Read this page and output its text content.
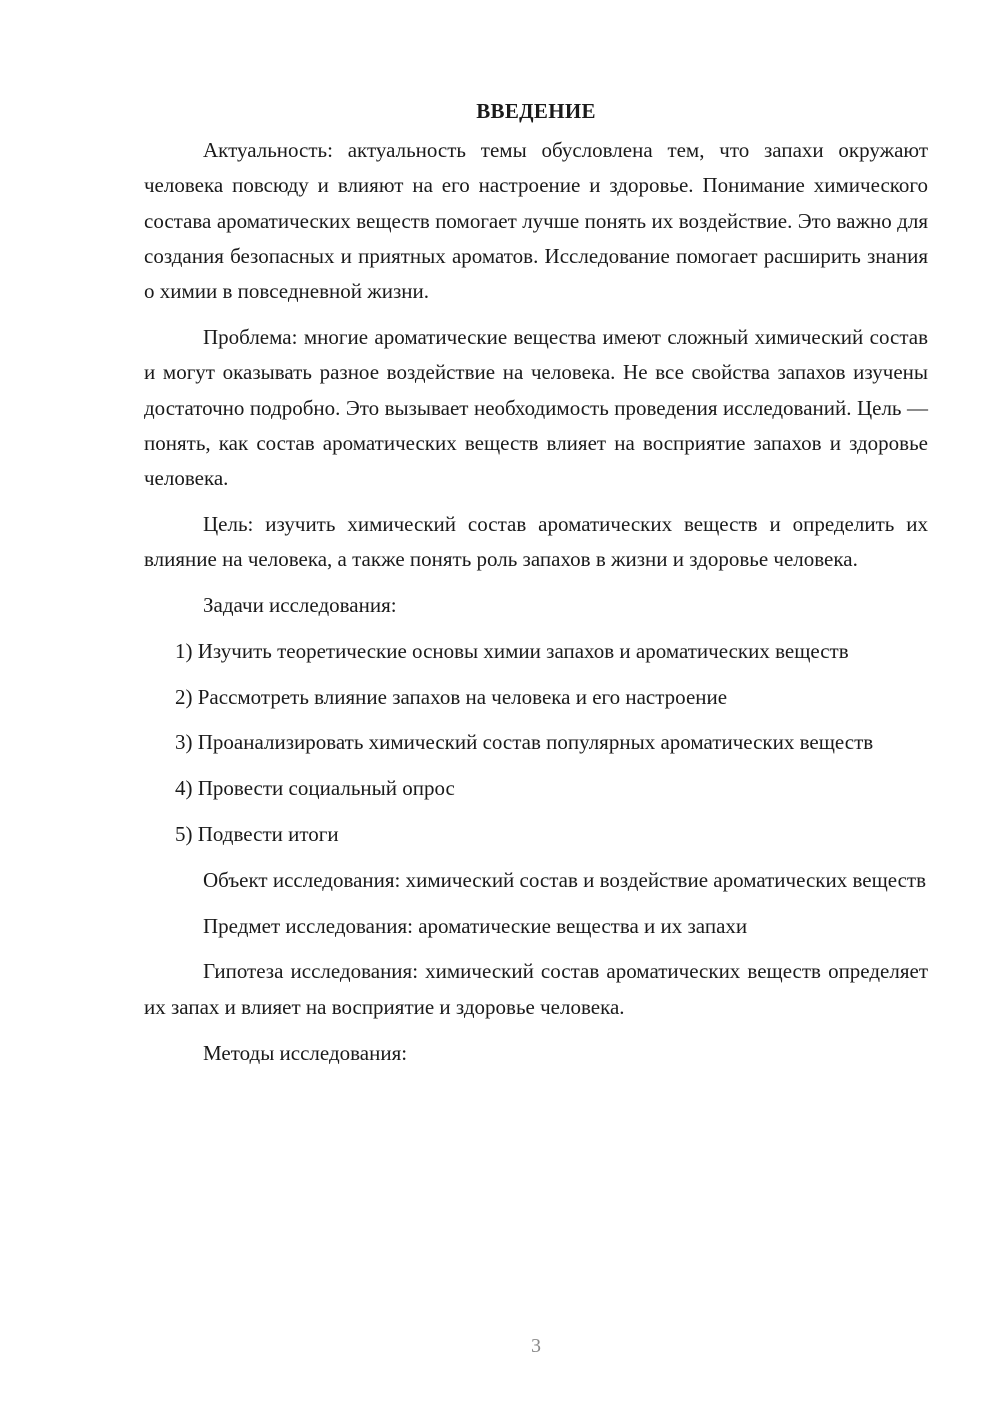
ВВЕДЕНИЕ

Актуальность: актуальность темы обусловлена тем, что запахи окружают человека повсюду и влияют на его настроение и здоровье. Понимание химического состава ароматических веществ помогает лучше понять их воздействие. Это важно для создания безопасных и приятных ароматов. Исследование помогает расширить знания о химии в повседневной жизни.

Проблема: многие ароматические вещества имеют сложный химический состав и могут оказывать разное воздействие на человека. Не все свойства запахов изучены достаточно подробно. Это вызывает необходимость проведения исследований. Цель — понять, как состав ароматических веществ влияет на восприятие запахов и здоровье человека.

Цель: изучить химический состав ароматических веществ и определить их влияние на человека, а также понять роль запахов в жизни и здоровье человека.

Задачи исследования:

1) Изучить теоретические основы химии запахов и ароматических веществ

2) Рассмотреть влияние запахов на человека и его настроение

3) Проанализировать химический состав популярных ароматических веществ

4) Провести социальный опрос

5) Подвести итоги

Объект исследования: химический состав и воздействие ароматических веществ

Предмет исследования: ароматические вещества и их запахи

Гипотеза исследования: химический состав ароматических веществ определяет их запах и влияет на восприятие и здоровье человека.

Методы исследования:

3
